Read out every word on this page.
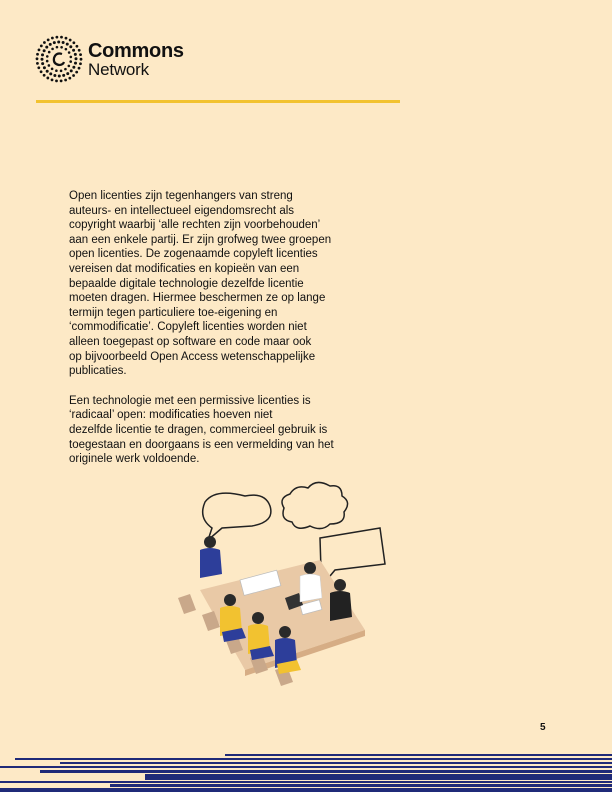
Commons
Network

Open licenties zijn tegenhangers van streng
auteurs- en intellectueel eigendomsrecht als
copyright waarbij ‘alle rechten zijn voorbehouden’
aan een enkele partij. Er zijn grofweg twee groepen
open licenties. De zogenaamde copyleft licenties
vereisen dat modificaties en kopieën van een
bepaalde digitale technologie dezelfde licentie
moeten dragen. Hiermee beschermen ze op lange
termijn tegen particuliere toe-eigening en
‘commodificatie’. Copyleft licenties worden niet
alleen toegepast op software en code maar ook
op bijvoorbeeld Open Access wetenschappelijke
publicaties.

Een technologie met een permissive licenties is
‘radicaal’ open: modificaties hoeven niet
dezelfde licentie te dragen, commercieel gebruik is
toegestaan en doorgaans is een vermelding van het
originele werk voldoende.

5
